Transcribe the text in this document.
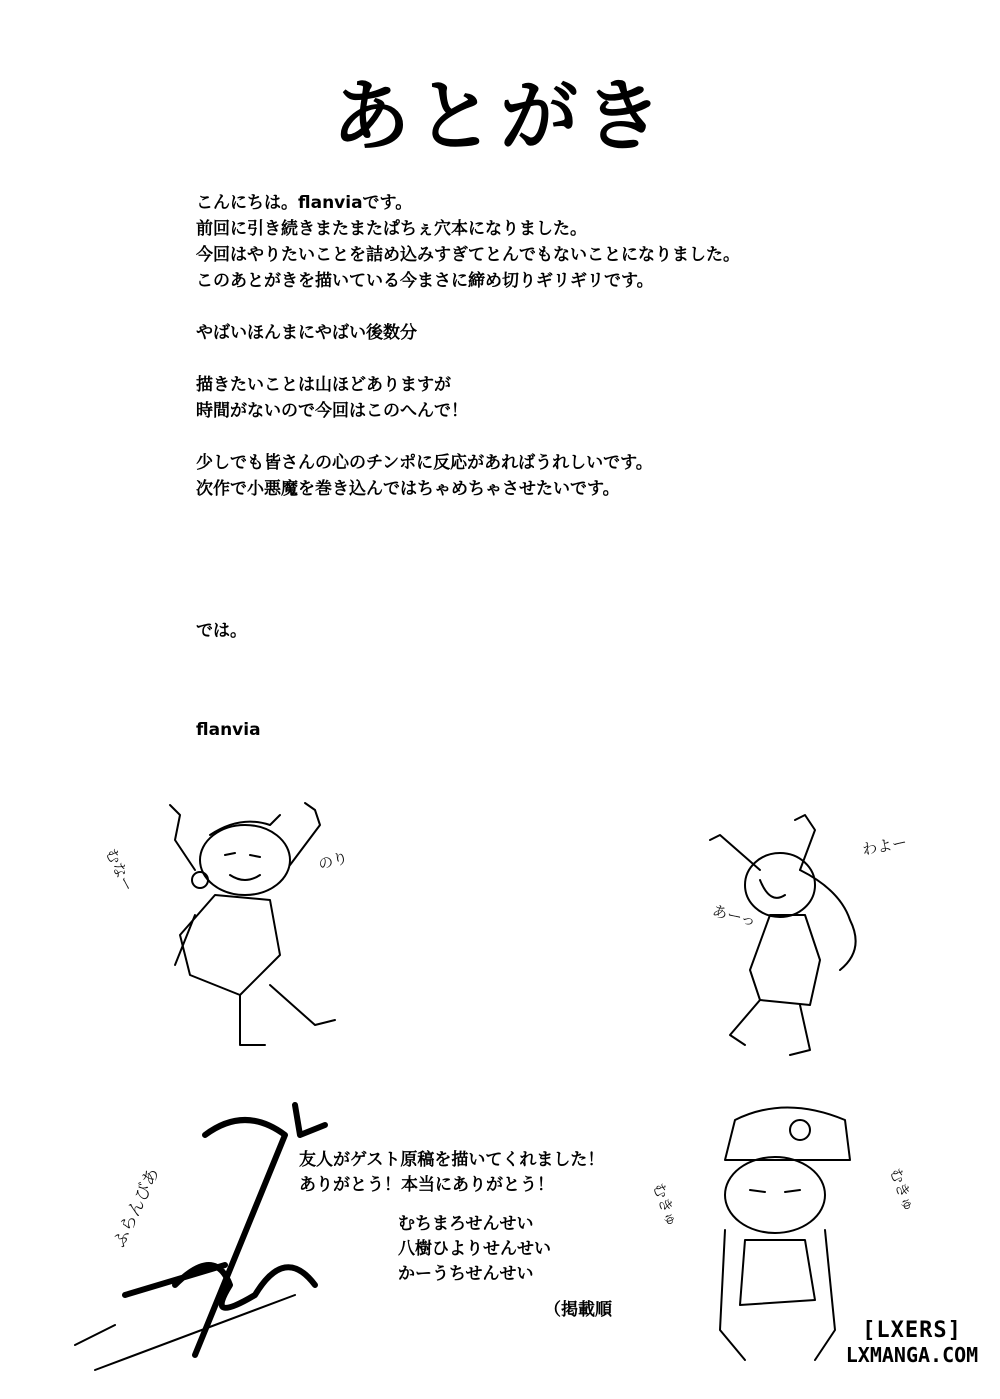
あとがき
こんにちは。flanviaです。
前回に引き続きまたまたぱちぇ穴本になりました。
今回はやりたいことを詰め込みすぎてとんでもないことになりました。
このあとがきを描いている今まさに締め切りギリギリです。
やばいほんまにやばい後数分
描きたいことは山ほどありますが
時間がないので今回はこのへんで！
少しでも皆さんの心のチンポに反応があればうれしいです。
次作で小悪魔を巻き込んではちゃめちゃさせたいです。
では。
flanvia
むなー	のり
わよー
あーっ
ふらんびあ
友人がゲスト原稿を描いてくれました！
ありがとう！本当にありがとう！
むちまろせんせい
八樹ひよりせんせい
かーうちせんせい
（掲載順
むきゅ	むきゅ
[LXERS]
LXMANGA.COM
